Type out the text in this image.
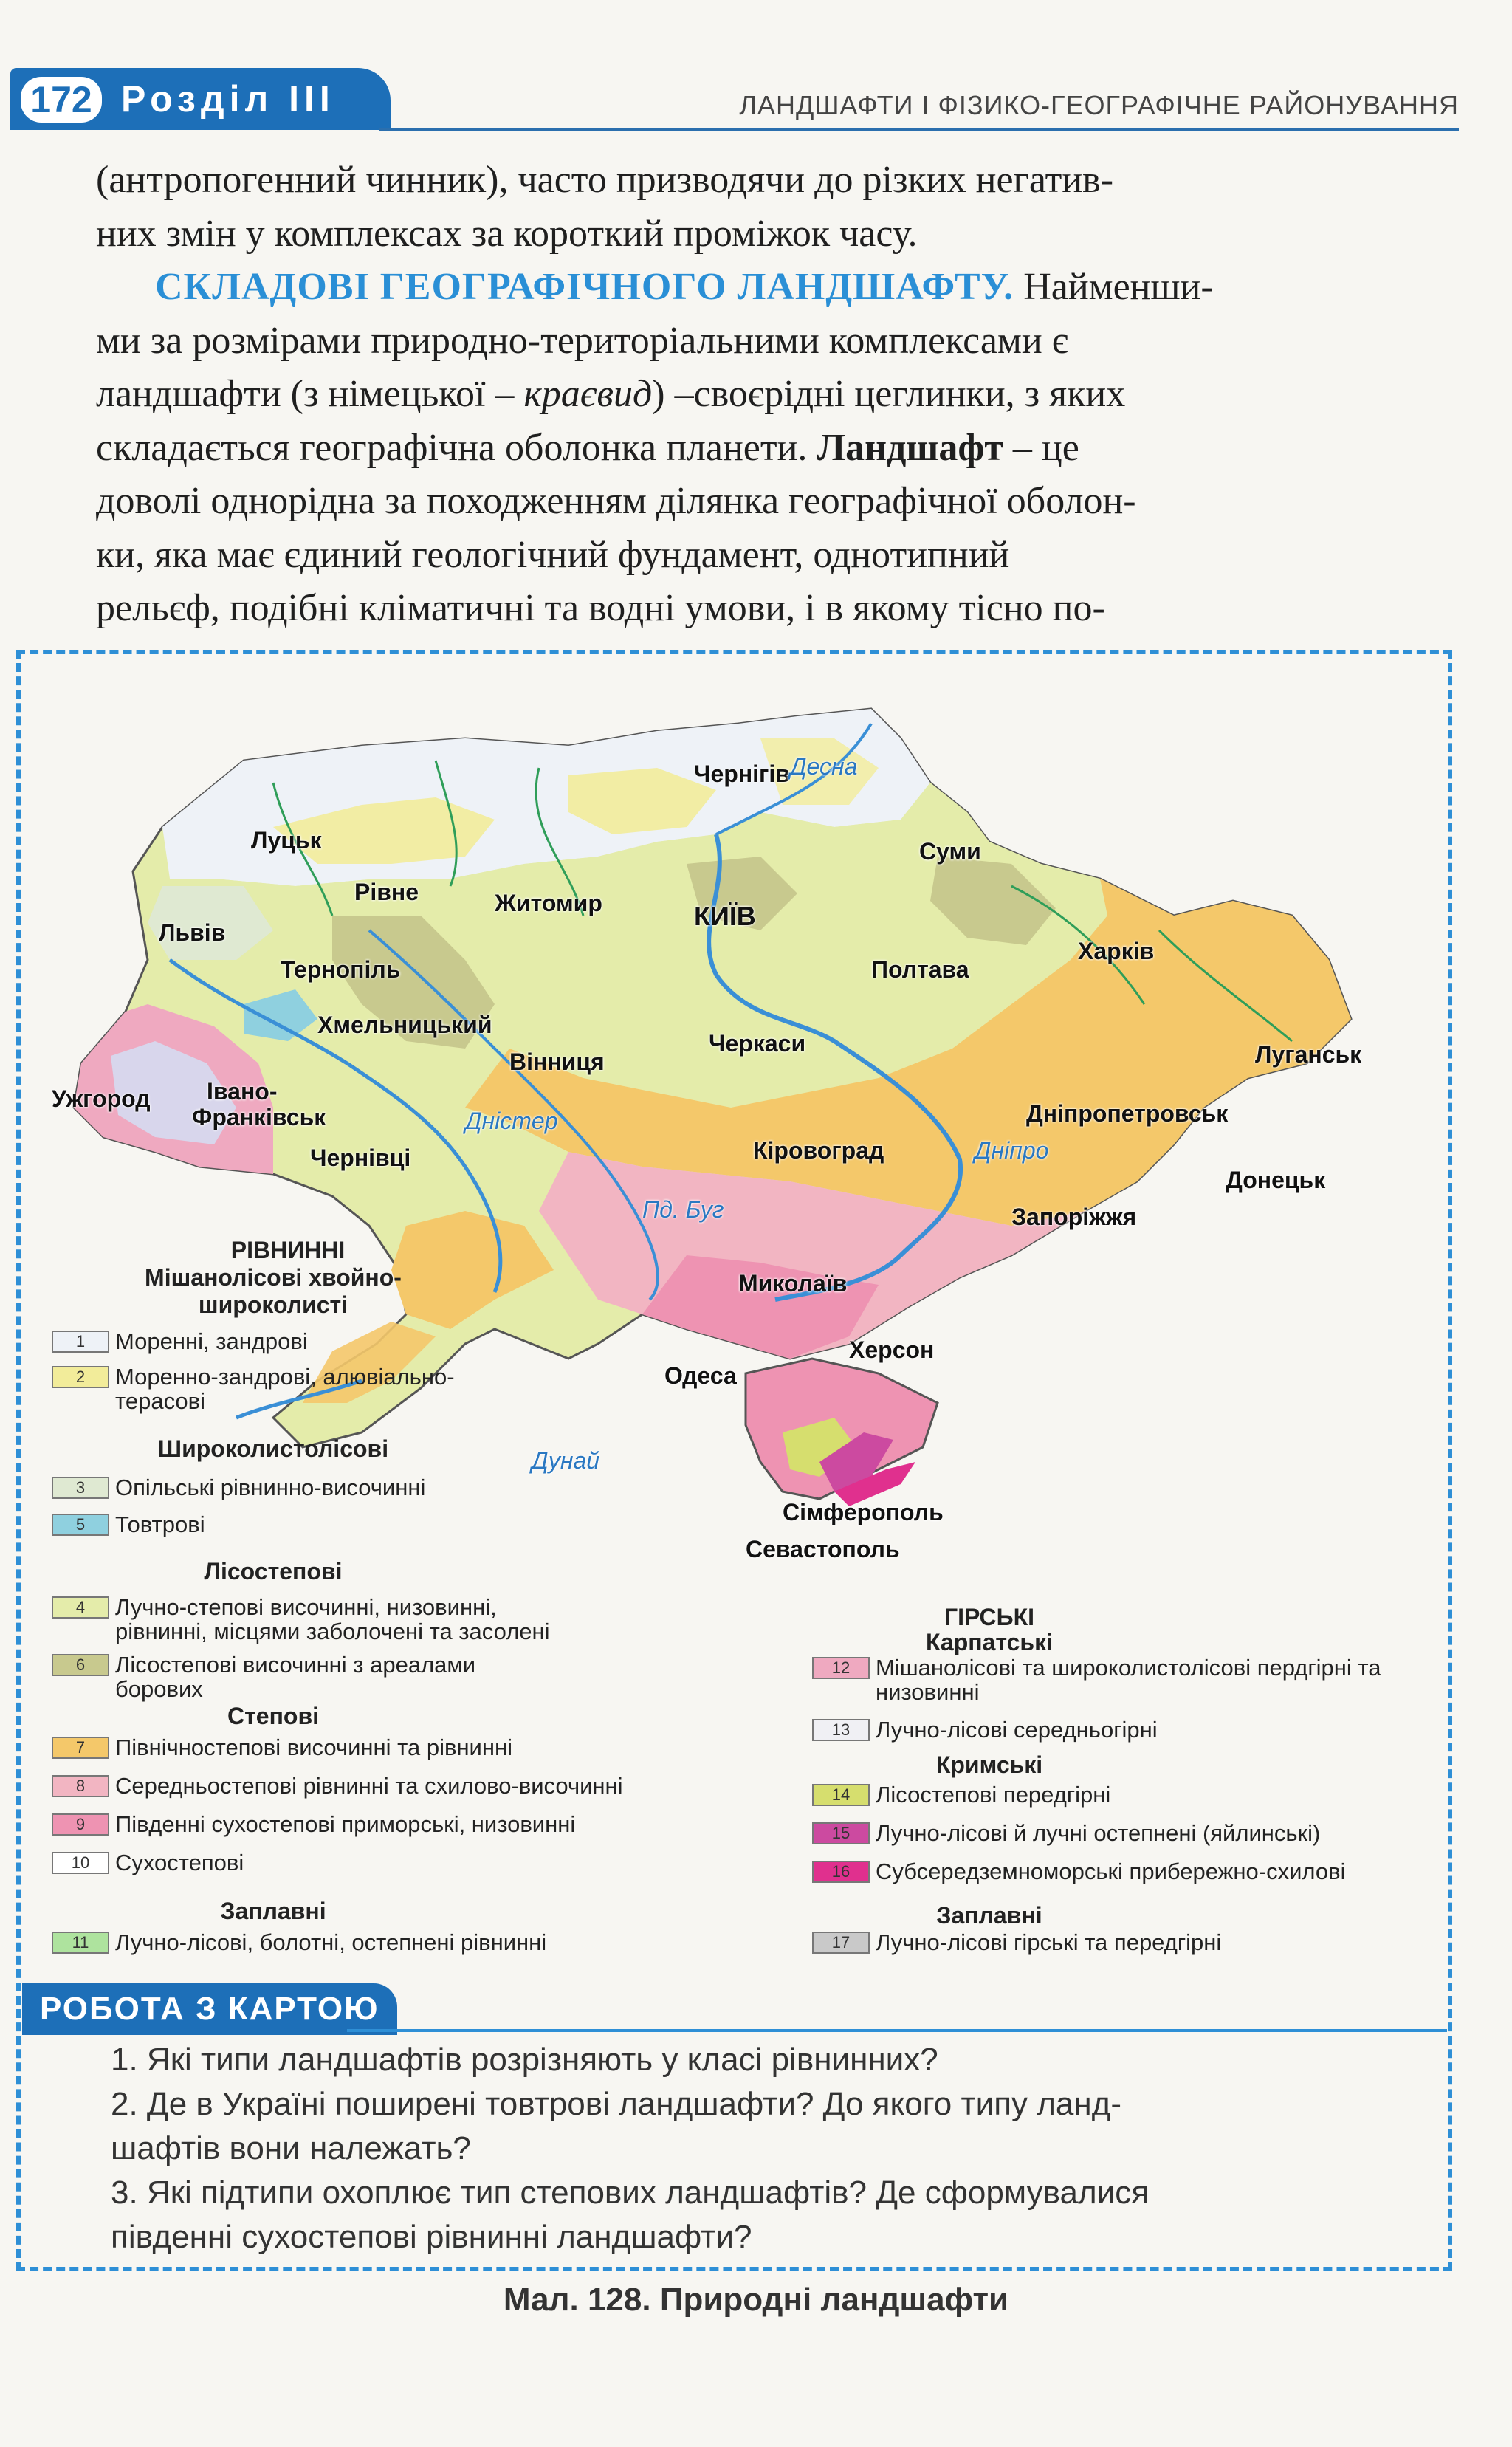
172 Розділ III	ЛАНДШАФТИ І ФІЗИКО-ГЕОГРАФІЧНЕ РАЙОНУВАННЯ
(антропогенний чинник), часто призводячи до різких негатив-
них змін у комплексах за короткий проміжок часу.
СКЛАДОВІ ГЕОГРАФІЧНОГО ЛАНДШАФТУ. Найменши-
ми за розмірами природно-територіальними комплексами є
ландшафти (з німецької – краєвид) –своєрідні цеглинки, з яких
складається географічна оболонка планети. Ландшафт – це
доволі однорідна за походженням ділянка географічної оболон-
ки, яка має єдиний геологічний фундамент, однотипний
рельєф, подібні кліматичні та водні умови, і в якому тісно по-
Чернігів
Суми
КИЇВ
Луцьк
Рівне	Житомир
Львів
Тернопіль	Полтава
Харків
Хмельницький
Вінниця
Черкаси	Луганськ
Ужгород Івано-
Франківськ
Чернівці
Дніпропетровськ
Кіровоград
Донецьк
Запоріжжя
Миколаїв
Херсон
Одеса
Сімферополь
Севастополь
Десна
Дніпро
Дністер
Пд. Буг
Дунай
РІВНИННІ
Мішанолісові хвойно-широколисті
1	Моренні, зандрові
2	Моренно-зандрові, алювіально-терасові
Широколистолісові
3	Опільські рівнинно-височинні
5	Товтрові
Лісостепові
4	Лучно-степові височинні, низовинні, рівнинні, місцями заболочені та засолені
6	Лісостепові височинні з ареалами борових
Степові
7	Північностепові височинні та рівнинні
8	Середньостепові рівнинні та схилово-височинні
9	Південні сухостепові приморські, низовинні
10	Сухостепові
Заплавні
11	Лучно-лісові, болотні, остепнені рівнинні
ГІРСЬКІ
Карпатські
12	Мішанолісові та широколистолісові пердгірні та низовинні
13	Лучно-лісові середньогірні
Кримські
14	Лісостепові передгірні
15	Лучно-лісові й лучні остепнені (яйлинські)
16	Субсередземноморські прибережно-схилові
Заплавні
17	Лучно-лісові гірські та передгірні
РОБОТА З КАРТОЮ
1. Які типи ландшафтів розрізняють у класі рівнинних?
2. Де в Україні поширені товтрові ландшафти? До якого типу ланд-
шафтів вони належать?
3. Які підтипи охоплює тип степових ландшафтів? Де сформувалися
південні сухостепові рівнинні ландшафти?
Мал. 128. Природні ландшафти
